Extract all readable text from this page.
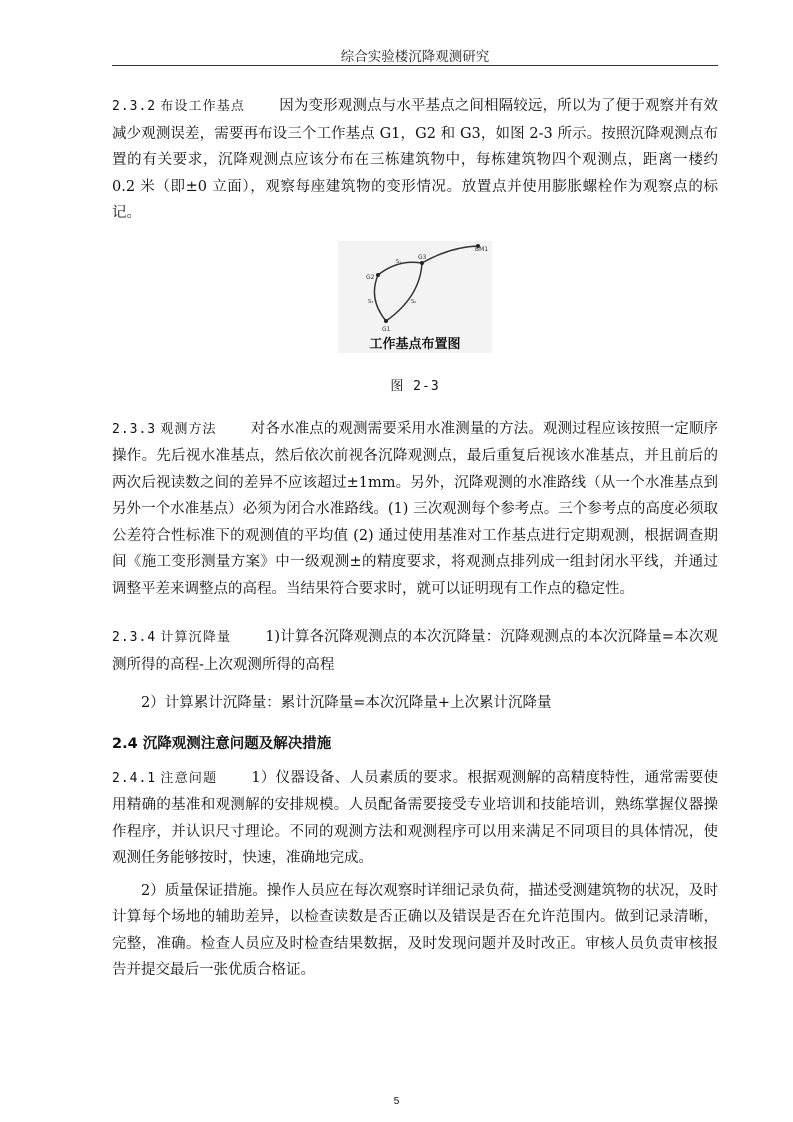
综合实验楼沉降观测研究

2.3.2 布设工作基点 因为变形观测点与水平基点之间相隔较远，所以为了便于观察并有效减少观测误差，需要再布设三个工作基点 G1，G2 和 G3，如图 2-3 所示。按照沉降观测点布置的有关要求，沉降观测点应该分布在三栋建筑物中，每栋建筑物四个观测点，距离一楼约 0.2 米（即±0 立面），观察每座建筑物的变形情况。放置点并使用膨胀螺栓作为观察点的标记。

G3
BM1
G2
G1
S₁
S₃	S₂
工作基点布置图
图 2-3

2.3.3 观测方法 对各水准点的观测需要采用水准测量的方法。观测过程应该按照一定顺序操作。先后视水准基点，然后依次前视各沉降观测点，最后重复后视该水准基点，并且前后的两次后视读数之间的差异不应该超过±1mm。另外，沉降观测的水准路线（从一个水准基点到另外一个水准基点）必须为闭合水准路线。(1) 三次观测每个参考点。三个参考点的高度必须取公差符合性标准下的观测值的平均值 (2) 通过使用基准对工作基点进行定期观测，根据调查期间《施工变形测量方案》中一级观测±的精度要求，将观测点排列成一组封闭水平线，并通过调整平差来调整点的高程。当结果符合要求时，就可以证明现有工作点的稳定性。

2.3.4 计算沉降量 1)计算各沉降观测点的本次沉降量：沉降观测点的本次沉降量=本次观测所得的高程-上次观测所得的高程

2）计算累计沉降量：累计沉降量=本次沉降量+上次累计沉降量

2.4 沉降观测注意问题及解决措施

2.4.1 注意问题 1）仪器设备、人员素质的要求。根据观测解的高精度特性，通常需要使用精确的基准和观测解的安排规模。人员配备需要接受专业培训和技能培训，熟练掌握仪器操作程序，并认识尺寸理论。不同的观测方法和观测程序可以用来满足不同项目的具体情况，使观测任务能够按时，快速，准确地完成。

2）质量保证措施。操作人员应在每次观察时详细记录负荷，描述受测建筑物的状况，及时计算每个场地的辅助差异，以检查读数是否正确以及错误是否在允许范围内。做到记录清晰，完整，准确。检查人员应及时检查结果数据，及时发现问题并及时改正。审核人员负责审核报告并提交最后一张优质合格证。

5
